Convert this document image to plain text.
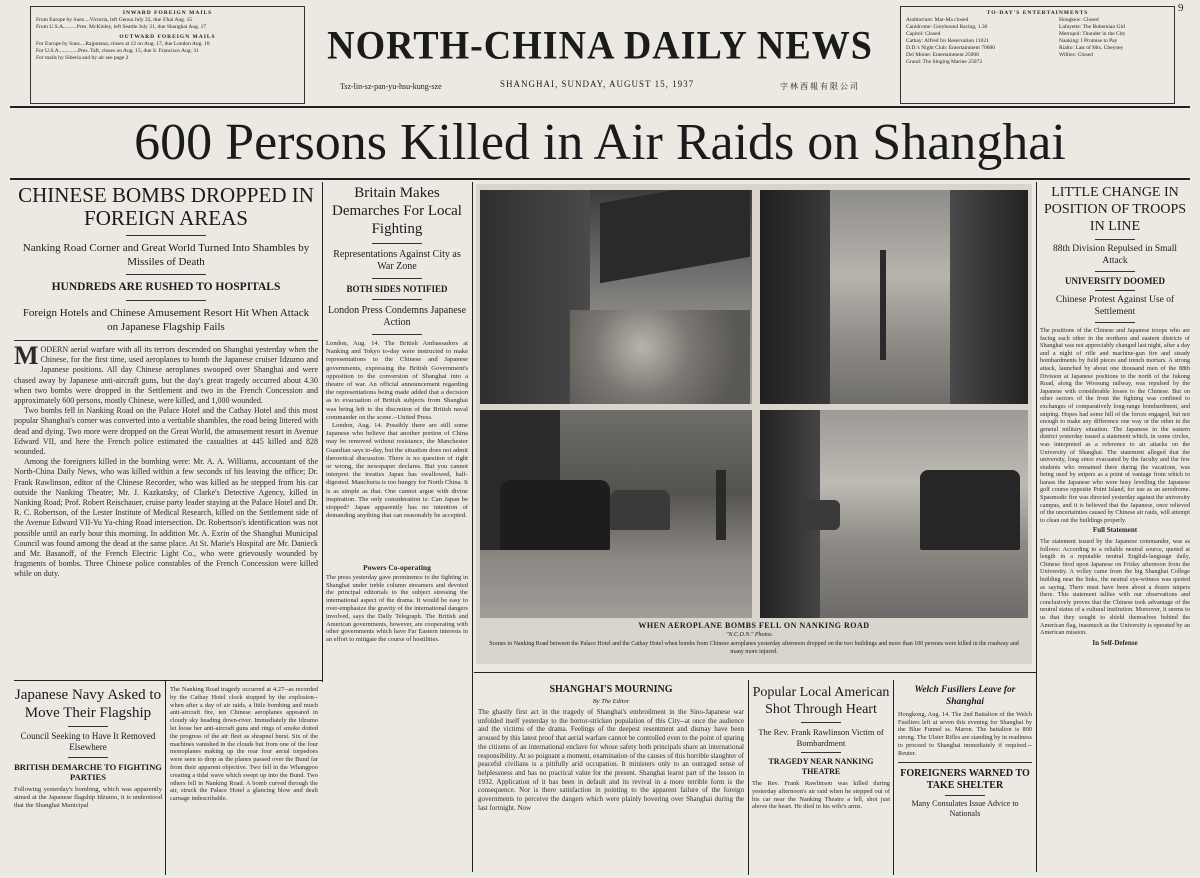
9
INWARD FOREIGN MAILS
From Europe by Suez....Victoria, left Genoa July 22, due S'hai Aug. 15
From U.S.A..........Pres. McKinley, left Seattle July 31, due Shanghai Aug. 17
OUTWARD FOREIGN MAILS
For Europe by Suez....Rajputana, closes at 12 on Aug. 17, due London Aug. 18
For U.S.A..............Pres. Taft, closes on Aug. 15, due S. Francisco Aug. 31
For mails by Siberia and by air see page 2	NORTH-CHINA DAILY NEWS
Tsz-lin-sz-pan-yu-hsu-kung-sze	SHANGHAI, SUNDAY, AUGUST 15, 1937	字 林 西 報 有 限 公 司
TO-DAY'S ENTERTAINMENTS
Auditorium: Mar-Ma closed
Canidrome: Greyhound Racing, 1.30
Capitol: Closed
Cathay: Alfred for Reservation 11021
D.D.'s Night Club: Entertainment 70600
Del Monte: Entertainment 25008
Grand: The Singing Marine 25073
Hongkew: Closed
Lafayette: The Bohemian Girl
Metropol: Thunder in the City
Nanking: I Promise to Pay
Rialto: Last of Mrs. Cheyney
Willies: Closed
600 Persons Killed in Air Raids on Shanghai
CHINESE BOMBS DROPPED IN FOREIGN AREAS
Nanking Road Corner and Great World Turned Into Shambles by Missiles of Death
HUNDREDS ARE RUSHED TO HOSPITALS
Foreign Hotels and Chinese Amusement Resort Hit When Attack on Japanese Flagship Fails
MODERN aerial warfare with all its terrors descended on Shanghai yesterday when the Chinese, for the first time, used aeroplanes to bomb the Japanese cruiser Idzumo and Japanese positions. All day Chinese aeroplanes swooped over Shanghai and were chased away by Japanese anti-aircraft guns, but the day's great tragedy occurred about 4.30 when two bombs were dropped in the Settlement and two in the French Concession and approximately 600 persons, mostly Chinese, were killed, and 1,000 wounded.
Two bombs fell in Nanking Road on the Palace Hotel and the Cathay Hotel and this most popular Shanghai's corner was converted into a veritable shambles, the road being littered with dead and dying. Two more were dropped on the Great World, the amusement resort in Avenue Edward VII, and here the French police estimated the casualties at 445 killed and 828 wounded.
Among the foreigners killed in the bombing were: Mr. A. A. Williams, accountant of the North-China Daily News, who was killed within a few seconds of his leaving the office; Dr. Frank Rawlinson, editor of the Chinese Recorder, who was killed as he stepped from his car outside the Nanking Theatre; Mr. J. Kazkatsky, of Clarke's Detective Agency, killed in Nanking Road; Prof. Robert Reischauer, cruise party leader staying at the Palace Hotel and Dr. R. C. Robertson, of the Lester Institute of Medical Research, killed on the Settlement side of the Avenue Edward VII-Yu Ya-ching Road intersection. Dr. Robertson's identification was not possible until an early hour this morning. In addition Mr. A. Exrin of the Shanghai Municipal Council was found among the dead at the same place. At St. Marie's Hospital are Mr. Danieck and Mr. Basanoff, of the French Electric Light Co., who were grievously wounded by fragments of bombs. Three Chinese police constables of the French Concession were killed while on duty.
Britain Makes Demarches For Local Fighting
Representations Against City as War Zone
BOTH SIDES NOTIFIED
London Press Condemns Japanese Action
London, Aug. 14. The British Ambassadors at Nanking and Tokyo to-day were instructed to make representations to the Chinese and Japanese governments, expressing the British Government's opposition to the conversion of Shanghai into a theatre of war. An official announcement regarding the representations being made added that a decision as to evacuation of British subjects from Shanghai was being left to the discretion of the British naval commander on the scene.--United Press.
London, Aug. 14. Possibly there are still some Japanese who believe that another portion of China may be removed without resistance, the Manchester Guardian says to-day, but the situation does not admit theoretical discussion. There is no question of right or wrong, the newspaper declares. But you cannot interpret the treaties Japan has swallowed, half-digested. Manchuria is too hungry for North China. It is as simple as that. One cannot argue with divine inspiration. The only consideration is: Can Japan be stopped? Japan apparently has no intention of demanding anything that can reasonably be accepted.
WHEN AEROPLANE BOMBS FELL ON NANKING ROAD
"N.C.D.N." Photos.
Scenes in Nanking Road between the Palace Hotel and the Cathay Hotel when bombs from Chinese aeroplanes yesterday afternoon dropped on the two buildings and more than 100 persons were killed in the roadway and many more injured.
Japanese Navy Asked to Move Their Flagship
Council Seeking to Have It Removed Elsewhere
BRITISH DEMARCHE TO FIGHTING PARTIES
Following yesterday's bombing, which was apparently aimed at the Japanese flagship Idzumo, it is understood that the Shanghai Municipal
The Nanking Road tragedy occurred at 4.27--as recorded by the Cathay Hotel clock stopped by the explosion--when after a day of air raids, a little bombing and much anti-aircraft fire, ten Chinese aeroplanes appeared in cloudy sky heading down-river. Immediately the Idzumo let loose her anti-aircraft guns and rings of smoke dotted the progress of the air fleet as shrapnel burst. Six of the machines vanished in the clouds but from one of the four monoplanes making up the rear four aerial torpedoes were seen to drop as the planes passed over the Bund far from their apparent objective. Two fell in the Whangpoo creating a tidal wave which swept up into the Bund. Two others fell in Nanking Road. A bomb curved through the air, struck the Palace Hotel a glancing blow and dealt carnage indescribable.
Powers Co-operating
The press yesterday gave prominence to the fighting in Shanghai under treble column streamers and devoted the principal editorials to the subject stressing the international aspect of the drama. It would be easy to over-emphasize the gravity of the international dangers involved, says the Daily Telegraph. The British and American governments, however, are cooperating with other governments which have Far Eastern interests in an effort to mitigate the course of hostilities.
SHANGHAI'S MOURNING
By The Editor
The ghastly first act in the tragedy of Shanghai's embroilment in the Sino-Japanese war unfolded itself yesterday to the horror-stricken population of this City--at once the audience and the victims of the drama. Feelings of the deepest resentment and dismay have been aroused by this latest proof that aerial warfare cannot be controlled even to the point of sparing the citizens of an international enclave for whose safety both principals share an international responsibility. At so poignant a moment, examination of the causes of this horrible slaughter of peaceful civilians is a pitifully arid occupation. It ministers only to an outraged sense of helplessness and has no practical value for the present. Shanghai learnt part of the lesson in 1932. Application of it has been in default and its revival in a more terrible form is the consequence. Nor is there satisfaction in pointing to the apparent failure of the foreign governments to perceive the dangers which were plainly hovering over Shanghai during the last fortnight. Now
Popular Local American Shot Through Heart
The Rev. Frank Rawlinson Victim of Bombardment
TRAGEDY NEAR NANKING THEATRE
The Rev. Frank Rawlinson was killed during yesterday afternoon's air raid when he stepped out of his car near the Nanking Theatre a fell, shot just above the heart. He died in his wife's arms.
Welch Fusiliers Leave for Shanghai
Hongkong, Aug. 14. The 2nd Battalion of the Welch Fusiliers left at seven this evening for Shanghai by the Blue Funnel ss. Maron. The battalion is 800 strong. The Ulster Rifles are standing by in readiness to proceed to Shanghai immediately if required.--Reuter.
FOREIGNERS WARNED TO TAKE SHELTER
Many Consulates Issue Advice to Nationals
LITTLE CHANGE IN POSITION OF TROOPS IN LINE
88th Division Repulsed in Small Attack
UNIVERSITY DOOMED
Chinese Protest Against Use of Settlement
The positions of the Chinese and Japanese troops who are facing each other in the northern and eastern districts of Shanghai was not appreciably changed last night, after a day and a night of rifle and machine-gun fire and steady bombardments by field pieces and trench mortars. A strong attack, launched by about one thousand men of the 88th Division at Japanese positions to the north of the Jukong Road, along the Woosung railway, was repulsed by the Japanese with considerable losses to the Chinese. But on other sectors of the front the fighting was confined to exchanges of comparatively long-range bombardment, and sniping. Hopes had some hill of the forces engaged, but not enough to make any difference one way or the other in the general military situation. The Japanese in the eastern district yesterday issued a statement which, in some circles, was interpreted as a reference to air attacks on the University of Shanghai. The statement alleged that the university, long since evacuated by the faculty and the few students who remained there during the vacations, was being used by snipers as a point of vantage from which to harass the Japanese who were busy levelling the Japanese golf course opposite Point Island, for use as an aerodrome. Spasmodic fire was directed yesterday against the university campus, and it is believed that the Japanese, once relieved of the uncertainties caused by Chinese air raids, will attempt to clean out the buildings properly.
Full Statement
The statement issued by the Japanese commander, was as follows: According to a reliable neutral source, quoted at length in a reputable neutral English-language daily, Chinese fired upon Japanese on Friday afternoon from the University. A volley came from the big Shanghai College building near the links, the neutral eye-witness was quoted as saying. There must have been about a dozen snipers there. This statement tallies with our observations and conclusively proves that the Chinese took advantage of the neutral status of a cultural institution. Moreover, it seems to us that they sought to shield themselves behind the American flag, inasmuch as the University is operated by an American mission.
In Self-Defense
